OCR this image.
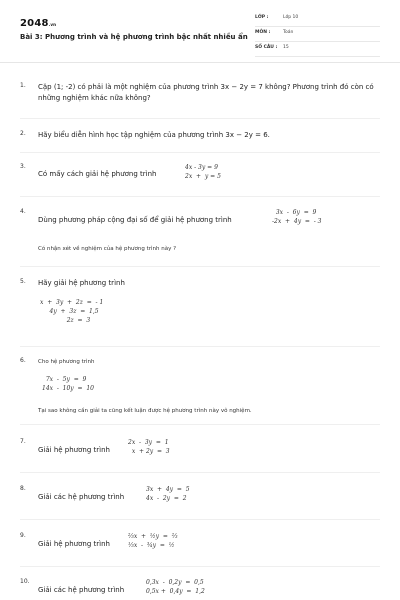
2048.vn
Bài 3: Phương trình và hệ phương trình bậc nhất nhiều ẩn
LỚP :	Lớp 10
MÔN :	Toán
SỐ CÂU : 15
1. Cặp (1; -2) có phải là một nghiệm của phương trình 3x − 2y = 7 không? Phương trình đó còn có những nghiệm khác nữa không?
2. Hãy biểu diễn hình học tập nghiệm của phương trình 3x − 2y = 6.
3.
Có mấy cách giải hệ phương trình
4x - 3y = 9
2x  +  y = 5
4.
Dùng phương pháp cộng đại số để giải hệ phương trình
3x  -  6y  =  9
-2x  +  4y  =  - 3
Có nhận xét về nghiệm của hệ phương trình này ?
5. Hãy giải hệ phương trình
x  +  3y  +  2z  =  - 1
4y  +  3z  =  1,5
2z  =  3
6. Cho hệ phương trình
7x  -  5y  =  9
14x  -  10y  =  10
Tại sao không cần giải ta cũng kết luận được hệ phương trình này vô nghiệm.
7.
Giải hệ phương trình
2x  -  3y  =  1
x  + 2y  =  3
8.
Giải các hệ phương trình
3x  +  4y  =  5
4x  -  2y  =  2
9.
Giải hệ phương trình
⅔x  +  ½y  =  ⅔
⅓x  -  ¾y  =  ½
10.
Giải các hệ phương trình
0,3x  -  0,2y  =  0,5
0,5x +  0,4y  =  1,2
